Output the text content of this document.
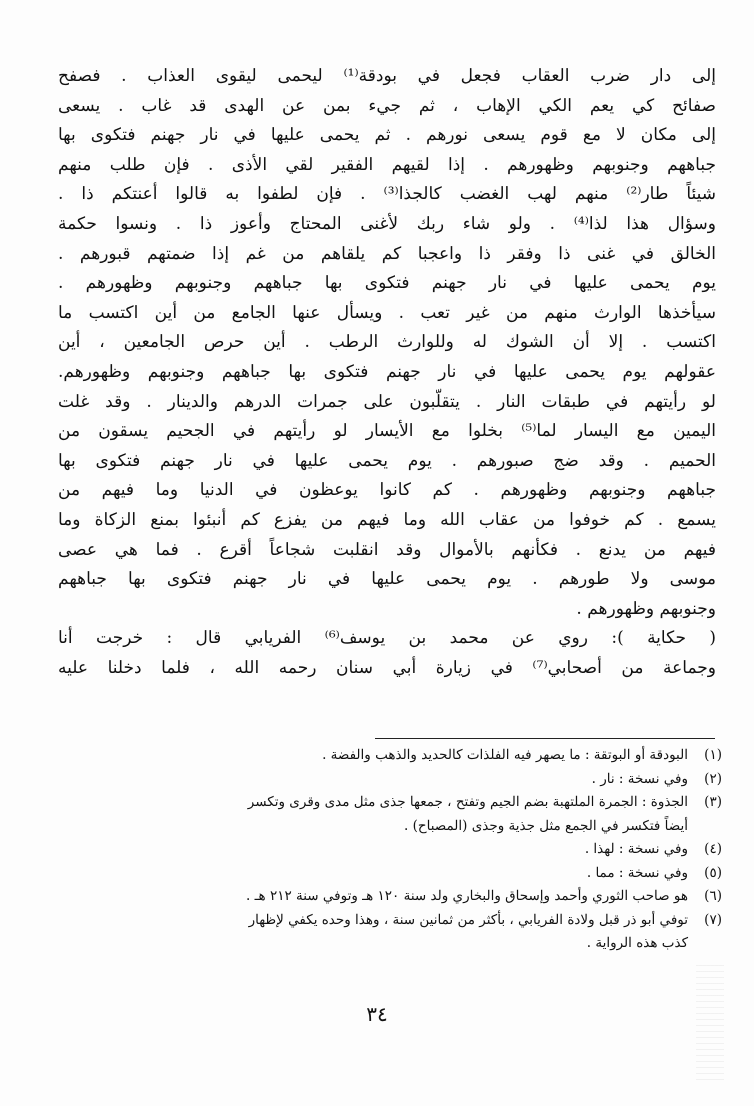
إلى دار ضرب العقاب فجعل في بودقة⁽¹⁾ ليحمى ليقوى العذاب . فصفح
صفائح كي يعم الكي الإهاب ، ثم جيء بمن عن الهدى قد غاب . يسعى
إلى مكان لا مع قوم يسعى نورهم . ثم يحمى عليها في نار جهنم فتكوى بها
جباههم وجنوبهم وظهورهم . إذا لقيهم الفقير لقي الأذى . فإن طلب منهم
شيئاً طار⁽²⁾ منهم لهب الغضب كالجذا⁽³⁾ . فإن لطفوا به قالوا أعنتكم ذا .
وسؤال هذا لذا⁽⁴⁾ . ولو شاء ربك لأغنى المحتاج وأعوز ذا . ونسوا حكمة
الخالق في غنى ذا وفقر ذا واعجبا كم يلقاهم من غم إذا ضمتهم قبورهم .
يوم يحمى عليها في نار جهنم فتكوى بها جباههم وجنوبهم وظهورهم .
سيأخذها الوارث منهم من غير تعب . ويسأل عنها الجامع من أين اكتسب ما
اكتسب . إلا أن الشوك له وللوارث الرطب . أين حرص الجامعين ، أين
عقولهم يوم يحمى عليها في نار جهنم فتكوى بها جباههم وجنوبهم وظهورهم.
لو رأيتهم في طبقات النار . يتقلّبون على جمرات الدرهم والدينار . وقد غلت
اليمين مع اليسار لما⁽⁵⁾ بخلوا مع الأيسار لو رأيتهم في الجحيم يسقون من
الحميم . وقد ضج صبورهم . يوم يحمى عليها في نار جهنم فتكوى بها
جباههم وجنوبهم وظهورهم . كم كانوا يوعظون في الدنيا وما فيهم من
يسمع . كم خوفوا من عقاب الله وما فيهم من يفزع كم أنبئوا بمنع الزكاة وما
فيهم من يدنع . فكأنهم بالأموال وقد انقلبت شجاعاً أقرع . فما هي عصى
موسى ولا طورهم . يوم يحمى عليها في نار جهنم فتكوى بها جباههم
وجنوبهم وظهورهم .
( حكاية ): روي عن محمد بن يوسف⁽⁶⁾ الفريابي قال : خرجت أنا
وجماعة من أصحابي⁽⁷⁾ في زيارة أبي سنان رحمه الله ، فلما دخلنا عليه
(١)
البودقة أو البوتقة : ما يصهر فيه الفلذات كالحديد والذهب والفضة .
(٢)
وفي نسخة : نار .
(٣)
الجذوة : الجمرة الملتهبة بضم الجيم وتفتح ، جمعها جذى مثل مدى وقرى وتكسر
أيضاً فتكسر في الجمع مثل جذية وجذى (المصباح) .
(٤)
وفي نسخة : لهذا .
(٥)
وفي نسخة : مما .
(٦)
هو صاحب الثوري وأحمد وإسحاق والبخاري ولد سنة ١٢٠ هـ وتوفي سنة ٢١٢ هـ .
(٧)
توفي أبو ذر قبل ولادة الفريابي ، بأكثر من ثمانين سنة ، وهذا وحده يكفي لإظهار
كذب هذه الرواية .
٣٤
